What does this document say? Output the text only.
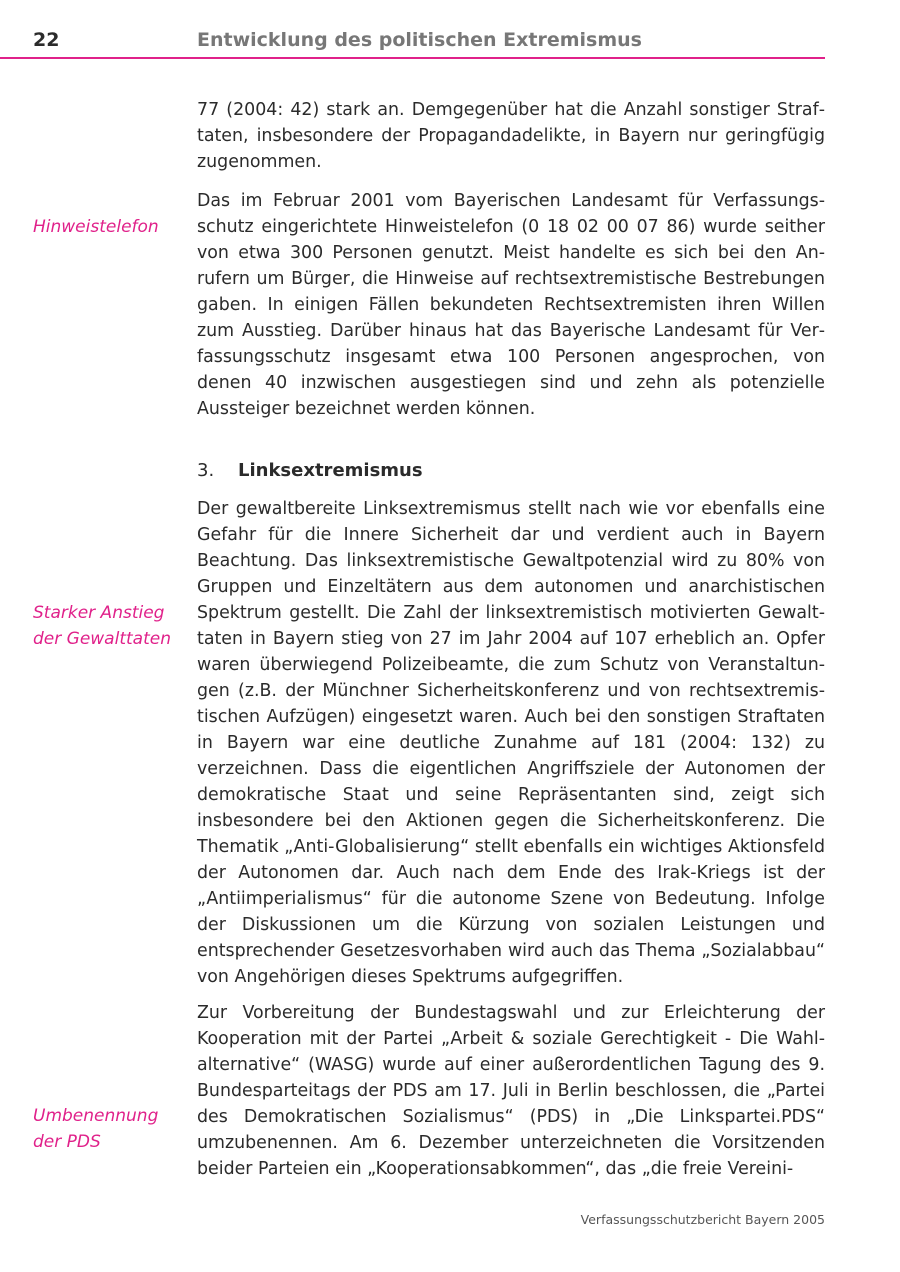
22	Entwicklung des politischen Extremismus

77 (2004: 42) stark an. Demgegenüber hat die Anzahl sonstiger Straftaten, insbesondere der Propagandadelikte, in Bayern nur geringfügig zugenommen.

Das im Februar 2001 vom Bayerischen Landesamt für Verfassungsschutz eingerichtete Hinweistelefon (0 18 02 00 07 86) wurde seither von etwa 300 Personen genutzt. Meist handelte es sich bei den Anrufern um Bürger, die Hinweise auf rechtsextremistische Bestrebungen gaben. In einigen Fällen bekundeten Rechtsextremisten ihren Willen zum Ausstieg. Darüber hinaus hat das Bayerische Landesamt für Verfassungsschutz insgesamt etwa 100 Personen angesprochen, von denen 40 inzwischen ausgestiegen sind und zehn als potenzielle Aussteiger bezeichnet werden können.

Hinweistelefon
3. Linksextremismus

Der gewaltbereite Linksextremismus stellt nach wie vor ebenfalls eine Gefahr für die Innere Sicherheit dar und verdient auch in Bayern Beachtung. Das linksextremistische Gewaltpotenzial wird zu 80% von Gruppen und Einzeltätern aus dem autonomen und anarchistischen Spektrum gestellt. Die Zahl der linksextremistisch motivierten Gewalttaten in Bayern stieg von 27 im Jahr 2004 auf 107 erheblich an. Opfer waren überwiegend Polizeibeamte, die zum Schutz von Veranstaltungen (z.B. der Münchner Sicherheitskonferenz und von rechtsextremistischen Aufzügen) eingesetzt waren. Auch bei den sonstigen Straftaten in Bayern war eine deutliche Zunahme auf 181 (2004: 132) zu verzeichnen. Dass die eigentlichen Angriffsziele der Autonomen der demokratische Staat und seine Repräsentanten sind, zeigt sich insbesondere bei den Aktionen gegen die Sicherheitskonferenz. Die Thematik „Anti-Globalisierung“ stellt ebenfalls ein wichtiges Aktionsfeld der Autonomen dar. Auch nach dem Ende des Irak-Kriegs ist der „Antiimperialismus“ für die autonome Szene von Bedeutung. Infolge der Diskussionen um die Kürzung von sozialen Leistungen und entsprechender Gesetzesvorhaben wird auch das Thema „Sozialabbau“ von Angehörigen dieses Spektrums aufgegriffen.

Starker Anstieg
der Gewalttaten

Zur Vorbereitung der Bundestagswahl und zur Erleichterung der Kooperation mit der Partei „Arbeit & soziale Gerechtigkeit - Die Wahlalternative“ (WASG) wurde auf einer außerordentlichen Tagung des 9. Bundesparteitags der PDS am 17. Juli in Berlin beschlossen, die „Partei des Demokratischen Sozialismus“ (PDS) in „Die Linkspartei.PDS“ umzubenennen. Am 6. Dezember unterzeichneten die Vorsitzenden beider Parteien ein „Kooperationsabkommen“, das „die freie Vereini-

Umbenennung
der PDS
Verfassungsschutzbericht Bayern 2005
